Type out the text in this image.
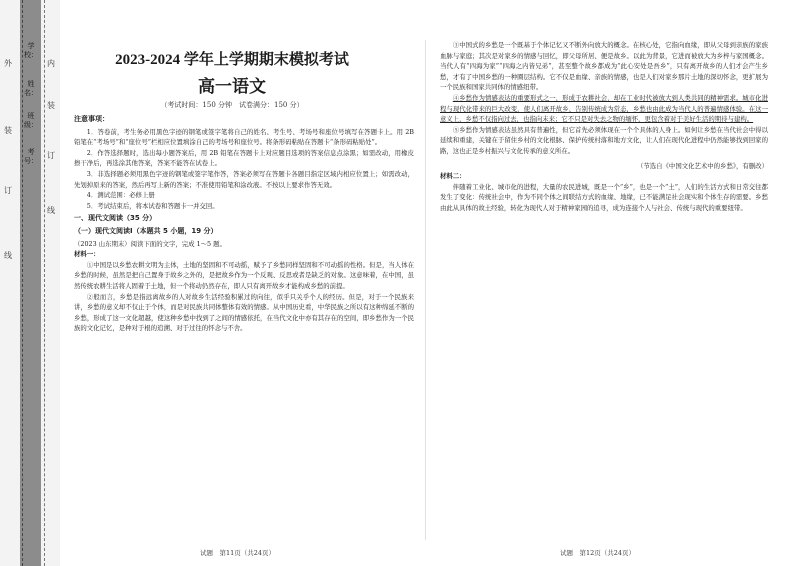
外
装
订
线
学校：
姓名：
班级：
考号：
内
装
订
线
2023-2024 学年上学期期末模拟考试
高一语文
（考试时间：150 分钟　试卷满分：150 分）

注意事项：

1．答卷前，考生务必用黑色字迹的钢笔或签字笔将自己的姓名、考生号、考场号和座位号填写在答题卡上。用 2B 铅笔在“考场号”和“座位号”栏相应位置填涂自己的考场号和座位号。将条形码粘贴在答题卡“条形码粘贴处”。

2．作答选择题时，选出每小题答案后，用 2B 铅笔在答题卡上对应题目选项的答案信息点涂黑；如需改动，用橡皮擦干净后，再选涂其他答案，答案不能答在试卷上。

3．非选择题必须用黑色字迹的钢笔或签字笔作答，答案必须写在答题卡各题目指定区域内相应位置上；如需改动，先划掉原来的答案，然后再写上新的答案；不准使用铅笔和涂改液。不按以上要求作答无效。

4．测试范围：必修上册

5．考试结束后，将本试卷和答题卡一并交回。

一、现代文阅读（35 分）

（一）现代文阅读Ⅰ（本题共 5 小题，19 分）

（2023 山东期末）阅读下面的文字，完成 1～5 题。

材料一：

①中国是以乡愁农耕文明为主体，土地的坚固和不可动摇，赋予了乡愁同样坚固和不可动摇的性格。但是，当人体在乡愁的时候，虽然是把自己置身于故乡之外的，是把故乡作为一个反观、反思或者是缺乏的对象。这意味着，在中国，虽然传统农耕生活将人固着于土地，但一个将动仍然存在，即人只有离开故乡才能构成乡愁的前提。

②般而言，乡愁是指远离故乡的人对故乡生活经验积累过的向往，似乎只关乎个人的经历。但是，对于一个民族来讲，乡愁的意义却不仅止于个体，而是对民族共同体整体有效的情感。从中国历史看，中华民族之所以有这种绵延不断的乡愁，形成了这一文化超越，使这种乡愁中找到了之间的情感依托，在当代文化中亦有其存在的空间，即乡愁作为一个民族的文化记忆，是种对于根的追溯、对于过往的怀念与不舍。

③中国式的乡愁是一个既基于个体记忆又不断外向放大的概念。在核心处，它指向血缘，即从父母到亲族的家族血脉与家庭；其次是对家乡的情感与回忆，即父母所居、便是故乡。以此为背景，它进而被放大为乡梓与家国概念。当代人有“四海为家”“四海之内皆兄弟”，甚至整个故乡都成为“此心安处是吾乡”，只有离开故乡的人们才会产生乡愁，才有了中国乡愁的一种圈层结构。它不仅是血缘、亲族的情感，也是人们对家乡那片土地的深切怀念，更扩展为一个民族和国家共同体的情感纽带。

④乡愁作为情感表达的重要形式之一，形成于农耕社会，却在工业时代被放大到人类共同的精神需求。城市化进程与现代化带来的巨大改变，使人们离开故乡、告别传统成为常态，乡愁也由此成为当代人的普遍情感体验。在这一意义上，乡愁不仅指向过去，也指向未来；它不只是对失去之物的缅怀，更包含着对于美好生活的期待与建构。

⑤乡愁作为情感表达虽然具有普遍性，但它首先必须体现在一个个具体的人身上。如何让乡愁在当代社会中得以延续和重建，关键在于留住乡村的文化根脉、保护传统村落和地方文化，让人们在现代化进程中仍然能够找到回家的路，这也正是乡村振兴与文化传承的意义所在。

（节选自《中国文化艺术中的乡愁》，有删改）

材料二：

伴随着工业化、城市化的进程，大量的农民进城，既是一个“乡”，也是一个“土”，人们的生活方式和日常交往都发生了变化：传统社会中，作为不同个体之间联结方式的血缘、地缘，已不能满足社会现实和个体生存的需要。乡愁由此从具体的故土经验，转化为现代人对于精神家园的追寻，成为连接个人与社会、传统与现代的重要纽带。

试题　第11页（共24页）	试题　第12页（共24页）
